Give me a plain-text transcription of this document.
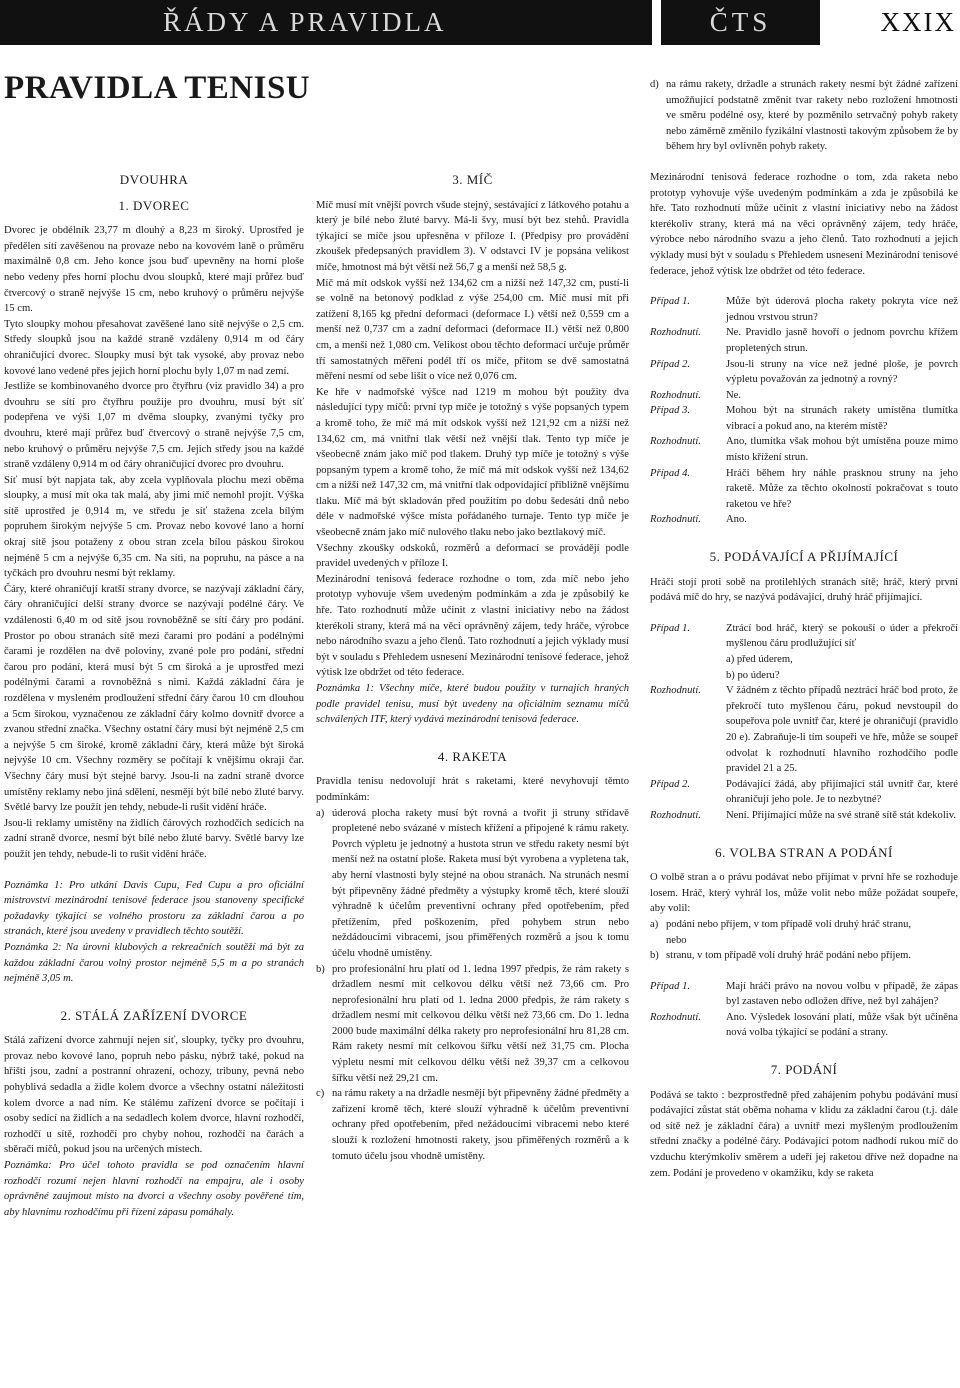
ŘÁDY A PRAVIDLA	ČTS	XXIX
PRAVIDLA TENISU
DVOUHRA
1. DVOREC

Dvorec je obdélník 23,77 m dlouhý a 8,23 m široký. Uprostřed je předělen sítí zavěšenou na provaze nebo na kovovém laně o průměru maximálně 0,8 cm. Jeho konce jsou buď upevněny na horní ploše nebo vedeny přes horní plochu dvou sloupků, které mají průřez buď čtvercový o straně nejvýše 15 cm, nebo kruhový o průměru nejvýše 15 cm.

Tyto sloupky mohou přesahovat zavěšené lano sítě nejvýše o 2,5 cm. Středy sloupků jsou na každé straně vzdáleny 0,914 m od čáry ohraničující dvorec. Sloupky musí být tak vysoké, aby provaz nebo kovové lano vedené přes jejich horní plochu byly 1,07 m nad zemí.

Jestliže se kombinovaného dvorce pro čtyřhru (viz pravidlo 34) a pro dvouhru se sítí pro čtyřhru použije pro dvouhru, musí být síť podepřena ve výši 1,07 m dvěma sloupky, zvanými tyčky pro dvouhru, které mají průřez buď čtvercový o straně nejvýše 7,5 cm, nebo kruhový o průměru nejvýše 7,5 cm. Jejich středy jsou na každé straně vzdáleny 0,914 m od čáry ohraničující dvorec pro dvouhru.

Síť musí být napjata tak, aby zcela vyplňovala plochu mezi oběma sloupky, a musí mít oka tak malá, aby jimi míč nemohl projít. Výška sítě uprostřed je 0,914 m, ve středu je síť stažena zcela bílým popruhem širokým nejvýše 5 cm. Provaz nebo kovové lano a horní okraj sítě jsou potaženy z obou stran zcela bílou páskou širokou nejméně 5 cm a nejvýše 6,35 cm. Na síti, na popruhu, na pásce a na tyčkách pro dvouhru nesmí být reklamy.

Čáry, které ohraničují kratší strany dvorce, se nazývají základní čáry, čáry ohraničující delší strany dvorce se nazývají podélné čáry. Ve vzdálenosti 6,40 m od sítě jsou rovnoběžně se sítí čáry pro podání. Prostor po obou stranách sítě mezi čarami pro podání a podélnými čarami je rozdělen na dvě poloviny, zvané pole pro podání, střední čarou pro podání, která musí být 5 cm široká a je uprostřed mezi podélnými čarami a rovnoběžná s nimi. Každá základní čára je rozdělena v mysleném prodloužení střední čáry čarou 10 cm dlouhou a 5cm širokou, vyznačenou ze základní čáry kolmo dovnitř dvorce a zvanou střední značka. Všechny ostatní čáry musí být nejméně 2,5 cm a nejvýše 5 cm široké, kromě základní čáry, která může být široká nejvýše 10 cm. Všechny rozměry se počítají k vnějšímu okraji čar. Všechny čáry musí být stejné barvy. Jsou-li na zadní straně dvorce umístěny reklamy nebo jiná sdělení, nesmějí být bílé nebo žluté barvy. Světlé barvy lze použít jen tehdy, nebude-li rušit vidění hráče.

Jsou-li reklamy umístěny na židlích čárových rozhodčích sedících na zadní straně dvorce, nesmí být bílé nebo žluté barvy. Světlé barvy lze použít jen tehdy, nebude-li to rušit vidění hráče.

Poznámka 1: Pro utkání Davis Cupu, Fed Cupu a pro oficiální mistrovství mezinárodní tenisové federace jsou stanoveny specifické požadavky týkající se volného prostoru za základní čarou a po stranách, které jsou uvedeny v pravidlech těchto soutěží.

Poznámka 2: Na úrovni klubových a rekreačních soutěží má být za každou základní čarou volný prostor nejméně 5,5 m a po stranách nejméně 3,05 m.

2. STÁLÁ ZAŘÍZENÍ DVORCE

Stálá zařízení dvorce zahrnují nejen síť, sloupky, tyčky pro dvouhru, provaz nebo kovové lano, popruh nebo pásku, nýbrž také, pokud na hřišti jsou, zadní a postranní ohrazení, ochozy, tribuny, pevná nebo pohyblivá sedadla a židle kolem dvorce a všechny ostatní náležitosti kolem dvorce a nad ním. Ke stálému zařízení dvorce se počítají i osoby sedící na židlích a na sedadlech kolem dvorce, hlavní rozhodčí, rozhodčí u sítě, rozhodčí pro chyby nohou, rozhodčí na čarách a sběrači míčů, pokud jsou na určených místech.

Poznámka: Pro účel tohoto pravidla se pod označením hlavní rozhodčí rozumí nejen hlavní rozhodčí na empajru, ale i osoby oprávněné zaujmout místo na dvorci a všechny osoby pověřené tím, aby hlavnímu rozhodčímu při řízení zápasu pomáhaly.

3. MÍČ

Míč musí mít vnější povrch všude stejný, sestávající z látkového potahu a který je bílé nebo žluté barvy. Má-li švy, musí být bez stehů. Pravidla týkající se míče jsou upřesněna v příloze I. (Předpisy pro provádění zkoušek předepsaných pravidlem 3). V odstavci IV je popsána velikost míče, hmotnost má být větší než 56,7 g a menší než 58,5 g.

Míč má mít odskok vyšší než 134,62 cm a nižší než 147,32 cm, pustí-li se volně na betonový podklad z výše 254,00 cm. Míč musí mít při zatížení 8,165 kg přední deformaci (deformace I.) větší než 0,559 cm a menší než 0,737 cm a zadní deformaci (deformace II.) větší než 0,800 cm, a menší než 1,080 cm. Velikost obou těchto deformací určuje průměr tří samostatných měření podél tří os míče, přitom se dvě samostatná měření nesmí od sebe lišit o více než 0,076 cm.

Ke hře v nadmořské výšce nad 1219 m mohou být použity dva následující typy míčů: první typ míče je totožný s výše popsaných typem a kromě toho, že míč má mít odskok vyšší než 121,92 cm a nižší než 134,62 cm, má vnitřní tlak větší než vnější tlak. Tento typ míče je všeobecně znám jako míč pod tlakem. Druhý typ míče je totožný s výše popsaným typem a kromě toho, že míč má mít odskok vyšší než 134,62 cm a nižší než 147,32 cm, má vnitřní tlak odpovídající přibližně vnějšímu tlaku. Míč má být skladován před použitím po dobu šedesáti dnů nebo déle v nadmořské výšce místa pořádaného turnaje. Tento typ míče je všeobecně znám jako míč nulového tlaku nebo jako beztlakový míč.

Všechny zkoušky odskoků, rozměrů a deformací se provádějí podle pravidel uvedených v příloze I.

Mezinárodní tenisová federace rozhodne o tom, zda míč nebo jeho prototyp vyhovuje všem uvedeným podmínkám a zda je způsobilý ke hře. Tato rozhodnutí může učinit z vlastní iniciativy nebo na žádost kterékoli strany, která má na věci oprávněný zájem, tedy hráče, výrobce nebo národního svazu a jeho členů. Tato rozhodnutí a jejich výklady musí být v souladu s Přehledem usnesení Mezinárodní tenisové federace, jehož výtisk lze obdržet od této federace.

Poznámka 1: Všechny míče, které budou použity v turnajích hraných podle pravidel tenisu, musí být uvedeny na oficiálním seznamu míčů schválených ITF, který vydává mezinárodní tenisová federace.

4. RAKETA

Pravidla tenisu nedovolují hrát s raketami, které nevyhovují těmto podmínkám:

a) úderová plocha rakety musí být rovná a tvořit ji struny střídavě propletené nebo svázané v místech křížení a připojené k rámu rakety. Povrch výpletu je jednotný a hustota strun ve středu rakety nesmí být menší než na ostatní ploše. Raketa musí být vyrobena a vypletena tak, aby herní vlastnosti byly stejné na obou stranách. Na strunách nesmí být připevněny žádné předměty a výstupky kromě těch, které slouží výhradně k účelům preventivní ochrany před opotřebením, před přetížením, před poškozením, před pohybem strun nebo neždádoucími vibracemi, jsou přiměřených rozměrů a jsou k tomu účelu vhodně umístěny.
b) pro profesionální hru platí od 1. ledna 1997 předpis, že rám rakety s držadlem nesmí mít celkovou délku větší než 73,66 cm. Pro neprofesionální hru platí od 1. ledna 2000 předpis, že rám rakety s držadlem nesmí mít celkovou délku větší než 73,66 cm. Do 1. ledna 2000 bude maximální délka rakety pro neprofesionální hru 81,28 cm. Rám rakety nesmí mít celkovou šířku větší než 31,75 cm. Plocha výpletu nesmí mít celkovou délku větší než 39,37 cm a celkovou šířku větší než 29,21 cm.
c) na rámu rakety a na držadle nesmějí být připevněny žádné předměty a zařízení kromě těch, které slouží výhradně k účelům preventivní ochrany před opotřebením, před nežádoucími vibracemi nebo které slouží k rozložení hmotnosti rakety, jsou přiměřených rozměrů a k tomuto účelu jsou vhodně umístěny.
d) na rámu rakety, držadle a strunách rakety nesmí být žádné zařízení umožňující podstatně změnit tvar rakety nebo rozložení hmotnosti ve směru podélné osy, které by pozměnilo setrvačný pohyb rakety nebo záměrně změnilo fyzikální vlastnosti takovým způsobem že by během hry byl ovlivněn pohyb rakety.

Mezinárodní tenisová federace rozhodne o tom, zda raketa nebo prototyp vyhovuje výše uvedeným podmínkám a zda je způsobilá ke hře. Tato rozhodnutí může učinit z vlastní iniciativy nebo na žádost kterékoliv strany, která má na věci oprávněný zájem, tedy hráče, výrobce nebo národního svazu a jeho členů. Tato rozhodnutí a jejich výklady musí být v souladu s Přehledem usnesení Mezinárodní tenisové federace, jehož výtisk lze obdržet od této federace.

Případ 1.	Může být úderová plocha rakety pokryta více než jednou vrstvou strun?
Rozhodnutí.	Ne. Pravidlo jasně hovoří o jednom povrchu křížem propletených strun.
Případ 2.	Jsou-li struny na více než jedné ploše, je povrch výpletu považován za jednotný a rovný?
Rozhodnutí.	Ne.
Případ 3.	Mohou být na strunách rakety umístěna tlumítka vibrací a pokud ano, na kterém místě?
Rozhodnutí.	Ano, tlumítka však mohou být umístěna pouze mimo místo křížení strun.
Případ 4.	Hráči během hry náhle prasknou struny na jeho raketě. Může za těchto okolností pokračovat s touto raketou ve hře?
Rozhodnutí.	Ano.
5. PODÁVAJÍCÍ A PŘIJÍMAJÍCÍ

Hráči stojí proti sobě na protilehlých stranách sítě; hráč, který první podává míč do hry, se nazývá podávající, druhý hráč přijímající.

Případ 1.	Ztrácí bod hráč, který se pokouší o úder a překročí myšlenou čáru prodlužující síť
a) před úderem,
b) po úderu?
Rozhodnutí.	V žádném z těchto případů neztrácí hráč bod proto, že překročí tuto myšlenou čáru, pokud nevstoupil do soupeřova pole uvnitř čar, které je ohraničují (pravidlo 20 e). Zabraňuje-li tím soupeři ve hře, může se soupeř odvolat k rozhodnutí hlavního rozhodčího podle pravidel 21 a 25.
Případ 2.	Podávající žádá, aby přijímající stál uvnitř čar, které ohraničují jeho pole. Je to nezbytné?
Rozhodnutí.	Není. Přijímající může na své straně sítě stát kdekoliv.
6. VOLBA STRAN A PODÁNÍ

O volbě stran a o právu podávat nebo přijímat v první hře se rozhoduje losem. Hráč, který vyhrál los, může volit nebo může požádat soupeře, aby volil:

a) podání nebo příjem, v tom případě volí druhý hráč stranu,
nebo
b) stranu, v tom případě volí druhý hráč podání nebo příjem.
Případ 1.	Mají hráči právo na novou volbu v případě, že zápas byl zastaven nebo odložen dříve, než byl zahájen?
Rozhodnutí.	Ano. Výsledek losování platí, může však být učiněna nová volba týkající se podání a strany.
7. PODÁNÍ

Podává se takto : bezprostředně před zahájením pohybu podávání musí podávající zůstat stát oběma nohama v klidu za základní čarou (t.j. dále od sítě než je základní čára) a uvnitř mezi myšleným prodloužením střední značky a podélné čáry. Podávající potom nadhodí rukou míč do vzduchu kterýmkoliv směrem a udeří jej raketou dříve než dopadne na zem. Podání je provedeno v okamžiku, kdy se raketa
